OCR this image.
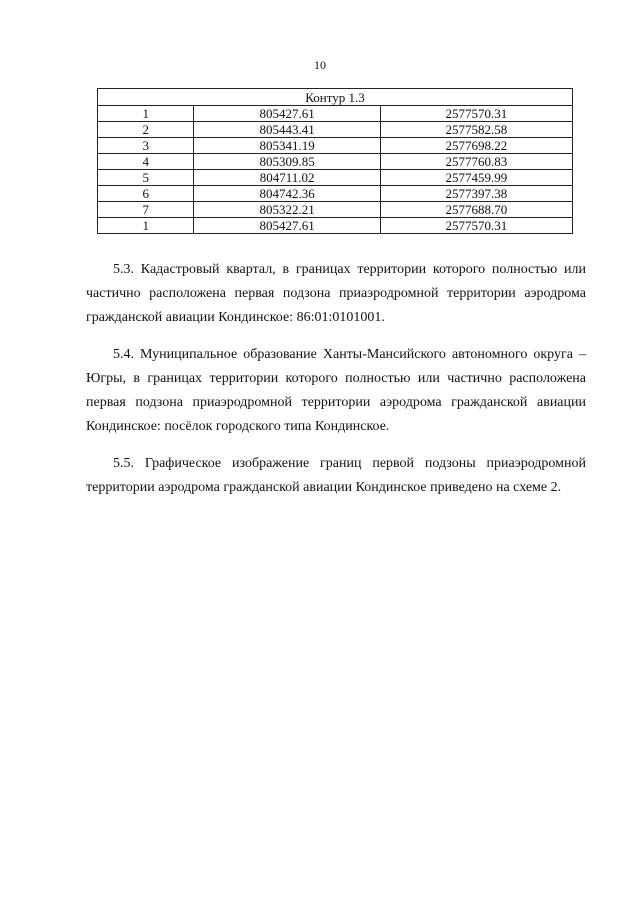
10
Контур 1.3		
1	805427.61	2577570.31
2	805443.41	2577582.58
3	805341.19	2577698.22
4	805309.85	2577760.83
5	804711.02	2577459.99
6	804742.36	2577397.38
7	805322.21	2577688.70
1	805427.61	2577570.31

5.3. Кадастровый квартал, в границах территории которого полностью или частично расположена первая подзона приаэродромной территории аэродрома гражданской авиации Кондинское: 86:01:0101001.

5.4. Муниципальное образование Ханты-Мансийского автономного округа – Югры, в границах территории которого полностью или частично расположена первая подзона приаэродромной территории аэродрома гражданской авиации Кондинское: посёлок городского типа Кондинское.

5.5. Графическое изображение границ первой подзоны приаэродромной территории аэродрома гражданской авиации Кондинское приведено на схеме 2.
